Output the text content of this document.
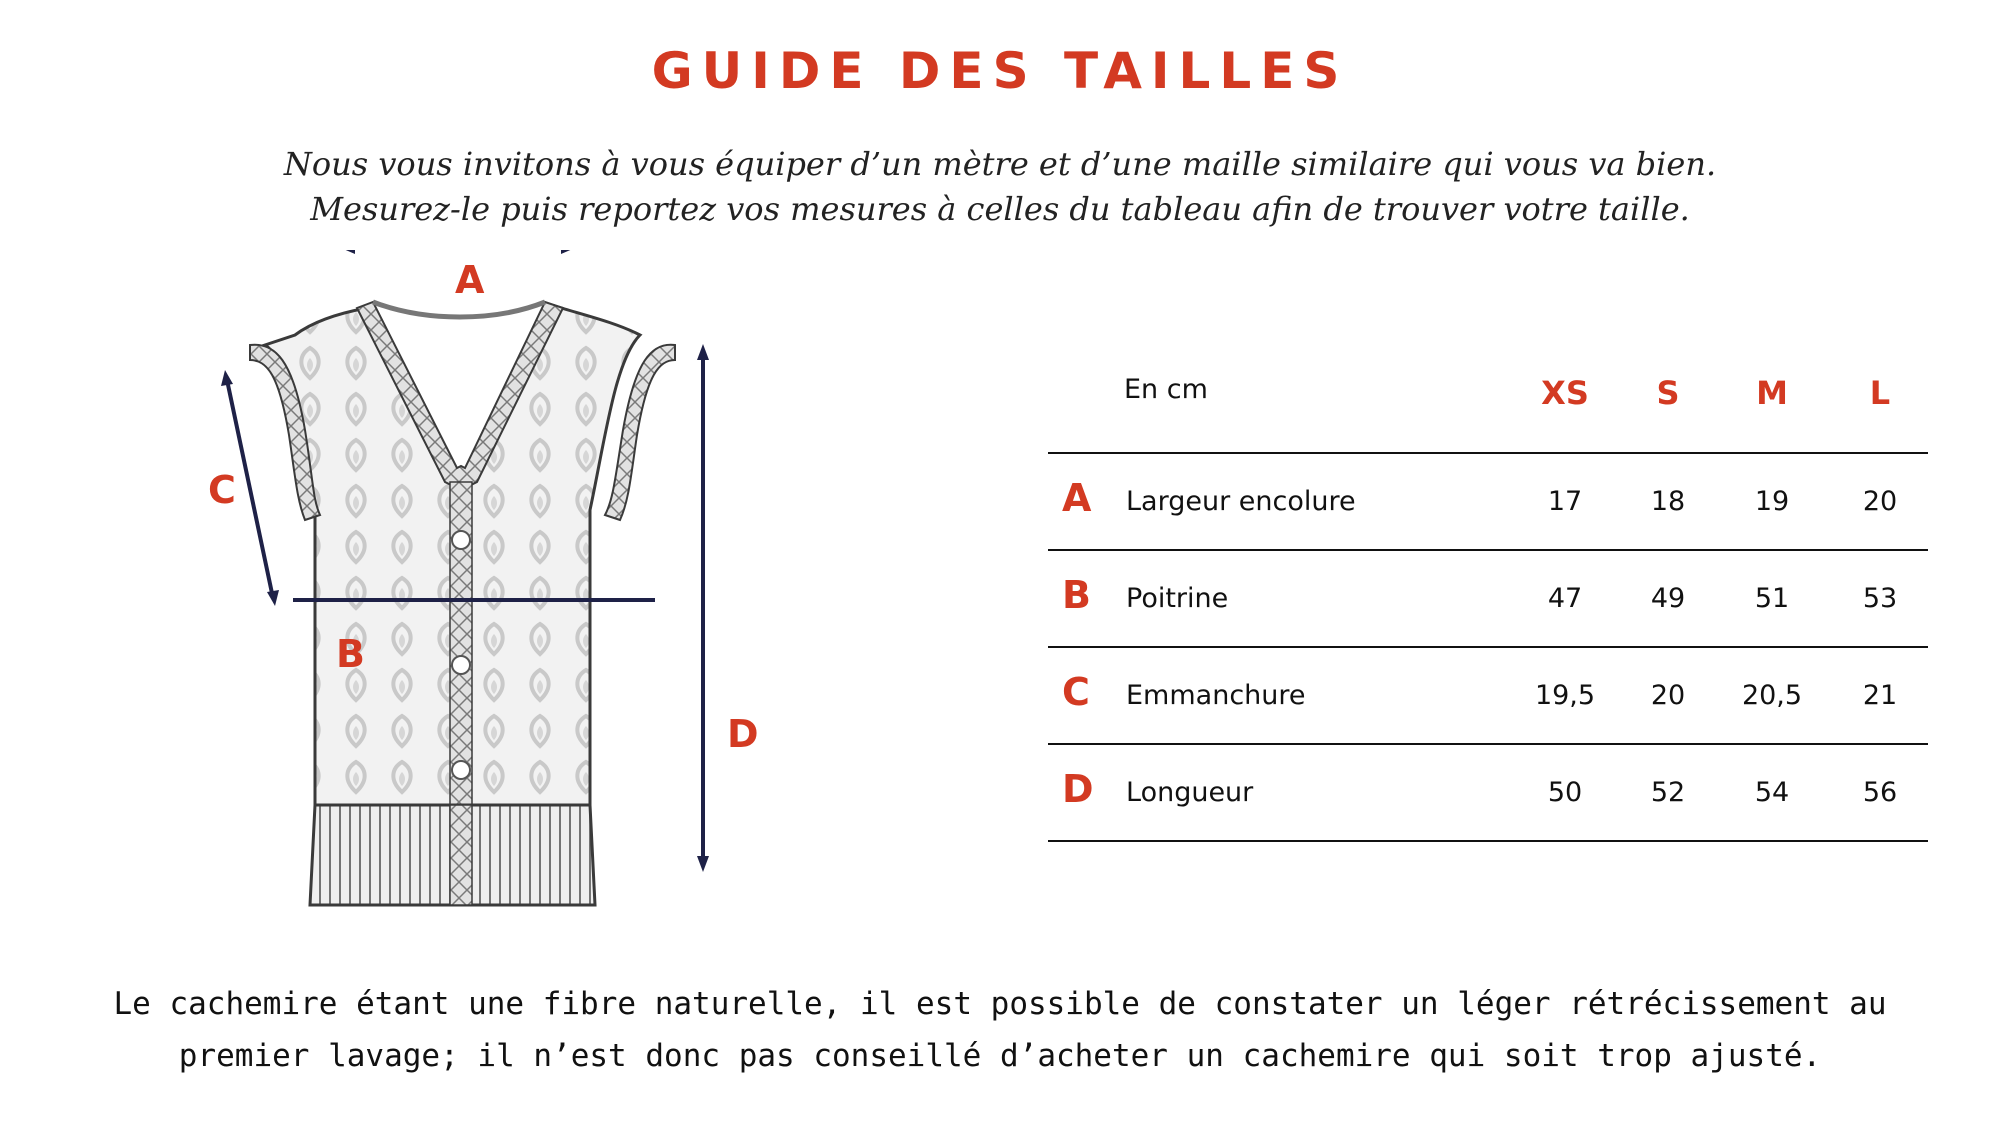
GUIDE DES TAILLES
Nous vous invitons à vous équiper d’un mètre et d’une maille similaire qui vous va bien.
Mesurez-le puis reportez vos mesures à celles du tableau afin de trouver votre taille.
A
C
B
D
En cm	XS	S	M	L
A Largeur encolure	17	18	19	20
B Poitrine	47	49	51	53
C Emmanchure	19,5	20	20,5	21
D Longueur	50	52	54	56
Le cachemire étant une fibre naturelle, il est possible de constater un léger rétrécissement au
premier lavage; il n’est donc pas conseillé d’acheter un cachemire qui soit trop ajusté.
